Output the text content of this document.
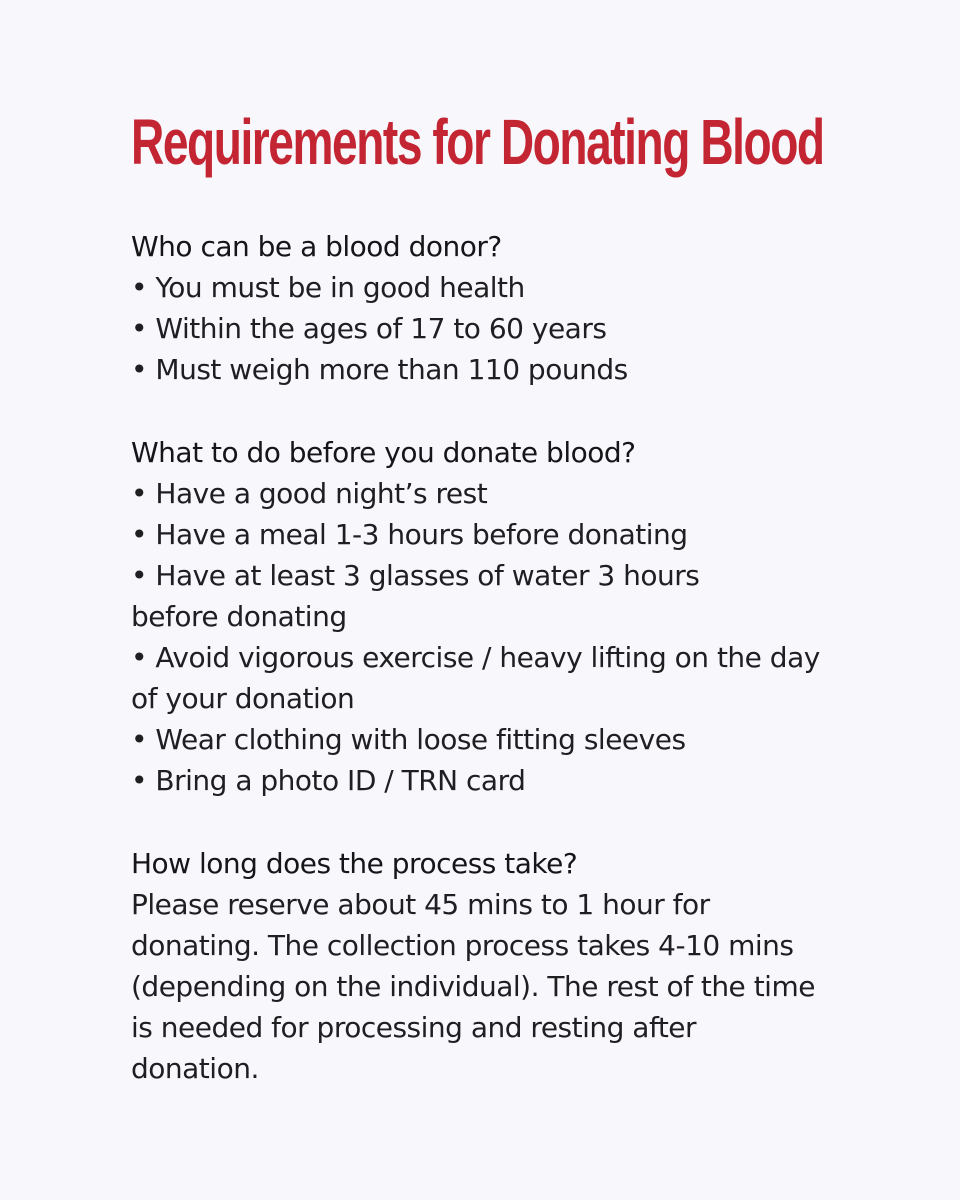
Requirements for Donating Blood
Who can be a blood donor?
• You must be in good health
• Within the ages of 17 to 60 years
• Must weigh more than 110 pounds
What to do before you donate blood?
• Have a good night’s rest
• Have a meal 1-3 hours before donating
• Have at least 3 glasses of water 3 hours before donating
• Avoid vigorous exercise / heavy lifting on the day of your donation
• Wear clothing with loose fitting sleeves
• Bring a photo ID / TRN card
How long does the process take?
Please reserve about 45 mins to 1 hour for donating. The collection process takes 4-10 mins (depending on the individual). The rest of the time is needed for processing and resting after donation.
